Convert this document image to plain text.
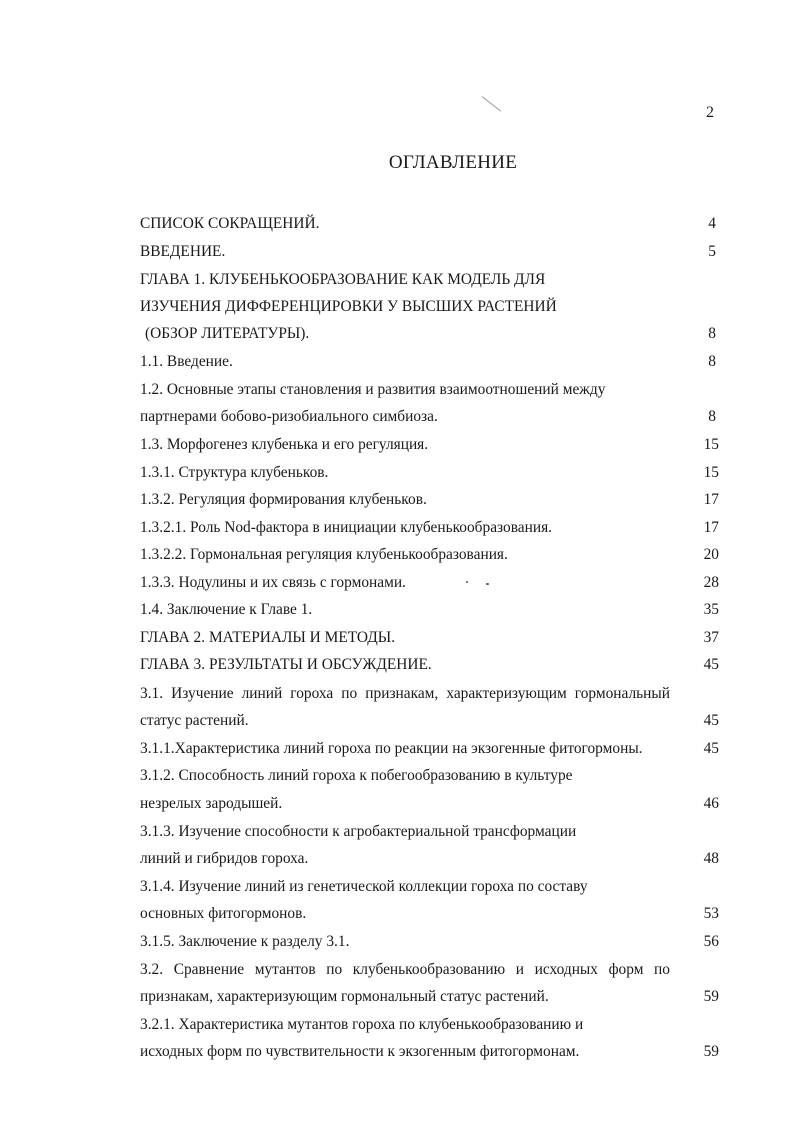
2
ОГЛАВЛЕНИЕ
СПИСОК СОКРАЩЕНИЙ.	4
ВВЕДЕНИЕ.	5
ГЛАВА 1. КЛУБЕНЬКООБРАЗОВАНИЕ КАК МОДЕЛЬ ДЛЯ
ИЗУЧЕНИЯ ДИФФЕРЕНЦИРОВКИ У ВЫСШИХ РАСТЕНИЙ
(ОБЗОР ЛИТЕРАТУРЫ).	8
1.1. Введение.	8
1.2. Основные этапы становления и развития взаимоотношений между
партнерами бобово-ризобиального симбиоза.	8
1.3. Морфогенез клубенька и его регуляция.	15
1.3.1. Структура клубеньков.	15
1.3.2. Регуляция формирования клубеньков.	17
1.3.2.1. Роль Nod-фактора в инициации клубенькообразования.	17
1.3.2.2. Гормональная регуляция клубенькообразования.	20
1.3.3. Нодулины и их связь с гормонами.	28
1.4. Заключение к Главе 1.	35
ГЛАВА 2. МАТЕРИАЛЫ И МЕТОДЫ.	37
ГЛАВА 3. РЕЗУЛЬТАТЫ И ОБСУЖДЕНИЕ.	45
3.1. Изучение линий гороха по признакам, характеризующим гормональный
статус растений.	45
3.1.1.Характеристика линий гороха по реакции на экзогенные фитогормоны.	45
3.1.2. Способность линий гороха к побегообразованию в культуре
незрелых зародышей.	46
3.1.3. Изучение способности к агробактериальной трансформации
линий и гибридов гороха.	48
3.1.4. Изучение линий из генетической коллекции гороха по составу
основных фитогормонов.	53
3.1.5. Заключение к разделу 3.1.	56
3.2. Сравнение мутантов по клубенькообразованию и исходных форм по
признакам, характеризующим гормональный статус растений.	59
3.2.1. Характеристика мутантов гороха по клубенькообразованию и
исходных форм по чувствительности к экзогенным фитогормонам.	59
